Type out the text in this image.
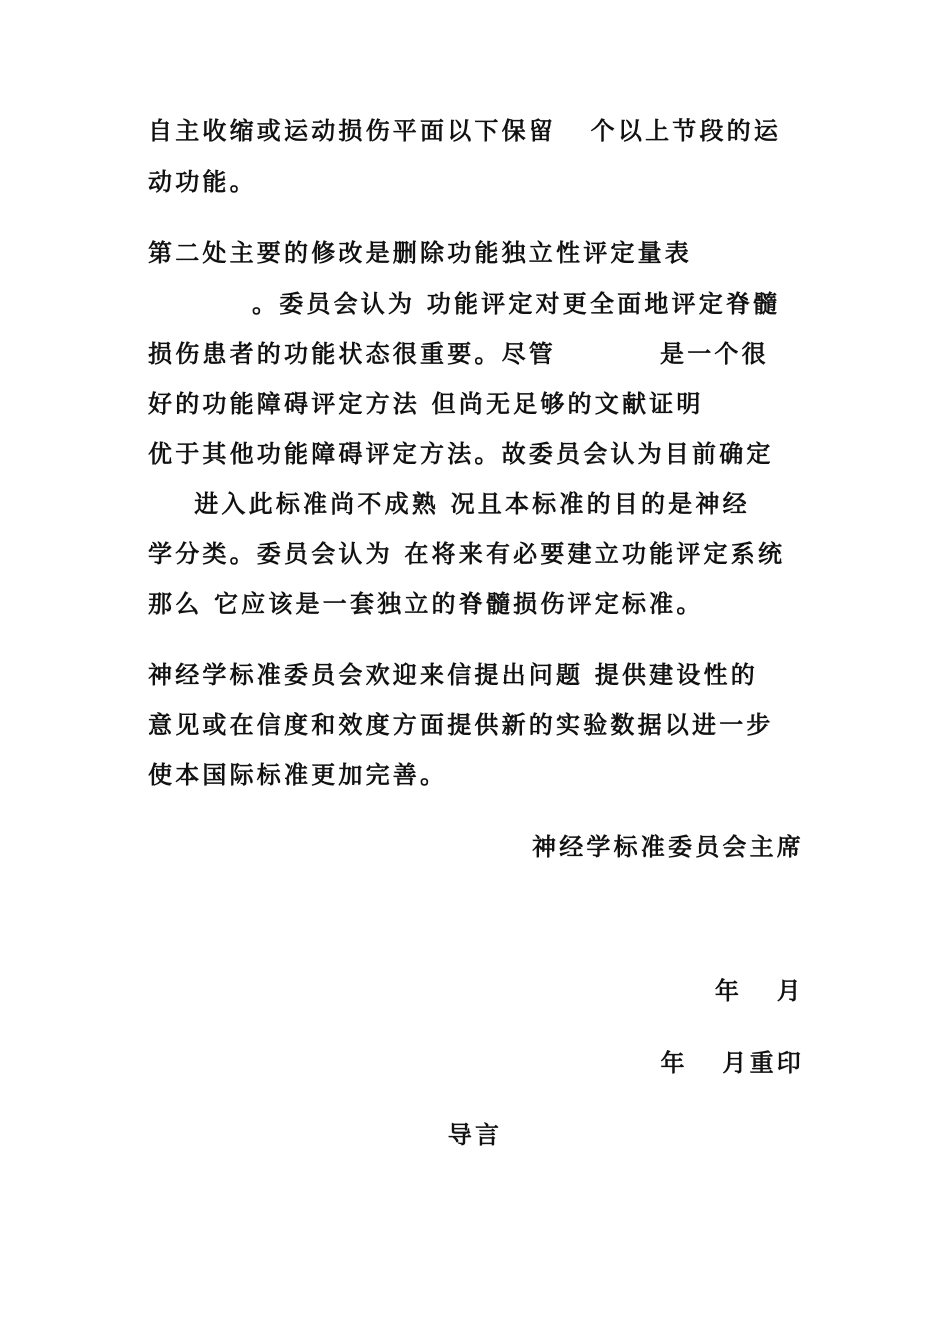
自主收缩或运动损伤平面以下保留   个以上节段的运
动功能。
第二处主要的修改是删除功能独立性评定量表
。委员会认为 功能评定对更全面地评定脊髓
损伤患者的功能状态很重要。尽管         是一个很
好的功能障碍评定方法 但尚无足够的文献证明
优于其他功能障碍评定方法。故委员会认为目前确定
进入此标准尚不成熟 况且本标准的目的是神经
学分类。委员会认为 在将来有必要建立功能评定系统
那么 它应该是一套独立的脊髓损伤评定标准。
神经学标准委员会欢迎来信提出问题 提供建设性的
意见或在信度和效度方面提供新的实验数据以进一步
使本国际标准更加完善。
神经学标准委员会主席
年   月
年   月重印
导言
